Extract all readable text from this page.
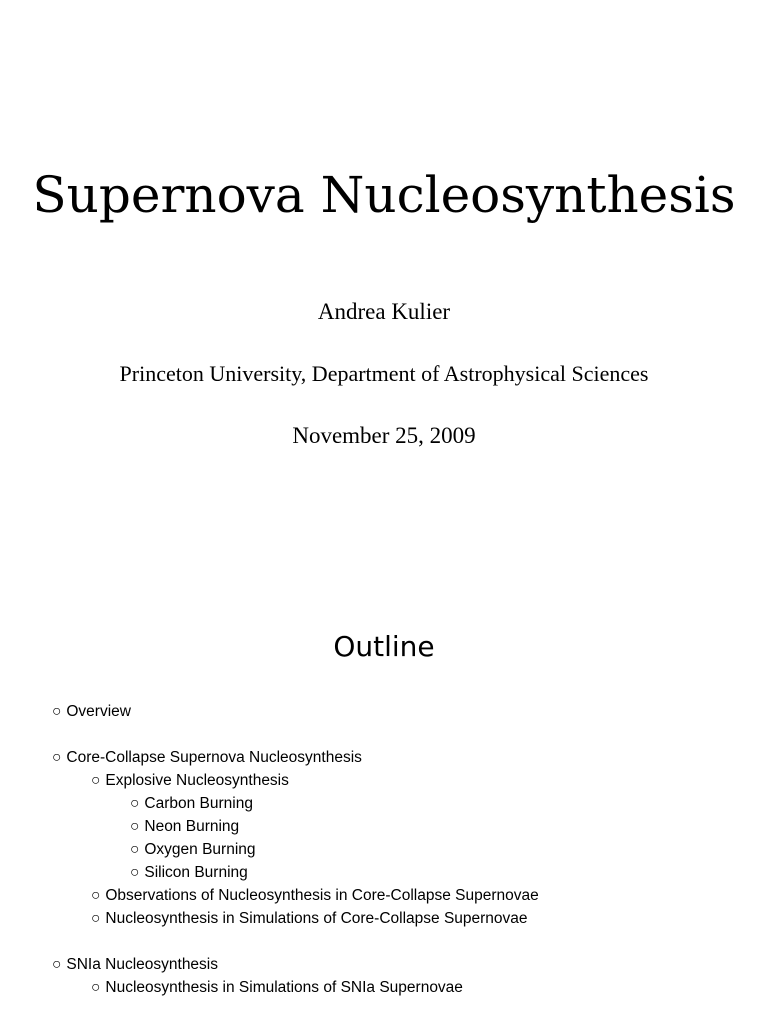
Supernova Nucleosynthesis
Andrea Kulier
Princeton University, Department of Astrophysical Sciences
November 25, 2009
Outline
○ Overview
○ Core-Collapse Supernova Nucleosynthesis
○ Explosive Nucleosynthesis
○ Carbon Burning
○ Neon Burning
○ Oxygen Burning
○ Silicon Burning
○ Observations of Nucleosynthesis in Core-Collapse Supernovae
○ Nucleosynthesis in Simulations of Core-Collapse Supernovae
○ SNIa Nucleosynthesis
○ Nucleosynthesis in Simulations of SNIa Supernovae
